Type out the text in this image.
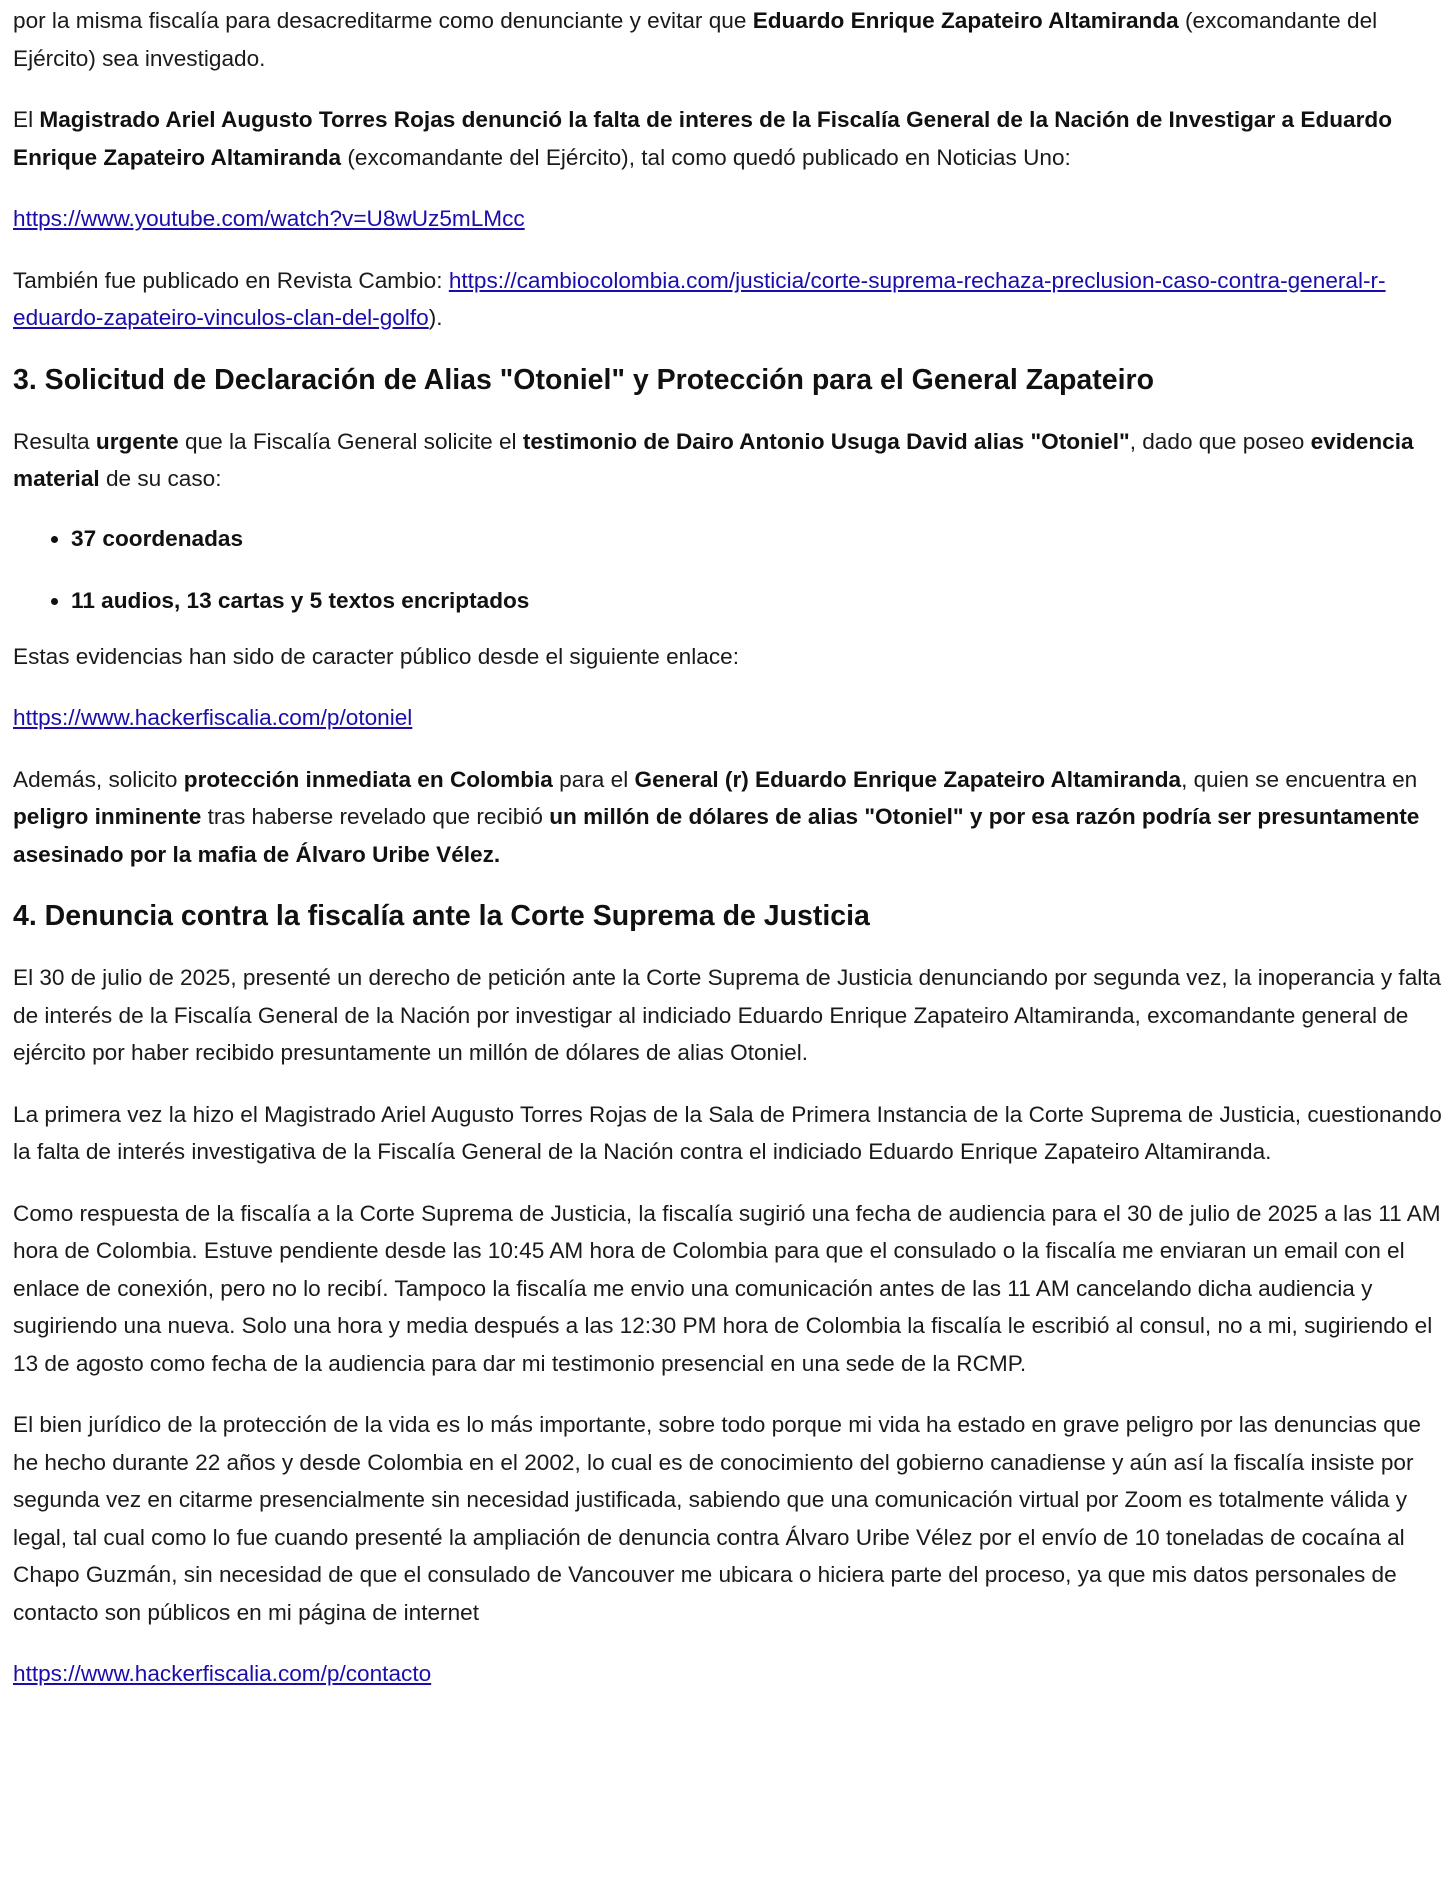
por la misma fiscalía para desacreditarme como denunciante y evitar que Eduardo Enrique Zapateiro Altamiranda (excomandante del Ejército) sea investigado.

El Magistrado Ariel Augusto Torres Rojas denunció la falta de interes de la Fiscalía General de la Nación de Investigar a Eduardo Enrique Zapateiro Altamiranda (excomandante del Ejército), tal como quedó publicado en Noticias Uno:

https://www.youtube.com/watch?v=U8wUz5mLMcc

También fue publicado en Revista Cambio: https://cambiocolombia.com/justicia/corte-suprema-rechaza-preclusion-caso-contra-general-r-eduardo-zapateiro-vinculos-clan-del-golfo).

3. Solicitud de Declaración de Alias "Otoniel" y Protección para el General Zapateiro

Resulta urgente que la Fiscalía General solicite el testimonio de Dairo Antonio Usuga David alias "Otoniel", dado que poseo evidencia material de su caso:

• 37 coordenadas
• 11 audios, 13 cartas y 5 textos encriptados

Estas evidencias han sido de caracter público desde el siguiente enlace:

https://www.hackerfiscalia.com/p/otoniel

Además, solicito protección inmediata en Colombia para el General (r) Eduardo Enrique Zapateiro Altamiranda, quien se encuentra en peligro inminente tras haberse revelado que recibió un millón de dólares de alias "Otoniel" y por esa razón podría ser presuntamente asesinado por la mafia de Álvaro Uribe Vélez.

4. Denuncia contra la fiscalía ante la Corte Suprema de Justicia

El 30 de julio de 2025, presenté un derecho de petición ante la Corte Suprema de Justicia denunciando por segunda vez, la inoperancia y falta de interés de la Fiscalía General de la Nación por investigar al indiciado Eduardo Enrique Zapateiro Altamiranda, excomandante general de ejército por haber recibido presuntamente un millón de dólares de alias Otoniel.

La primera vez la hizo el Magistrado Ariel Augusto Torres Rojas de la Sala de Primera Instancia de la Corte Suprema de Justicia, cuestionando la falta de interés investigativa de la Fiscalía General de la Nación contra el indiciado Eduardo Enrique Zapateiro Altamiranda.

Como respuesta de la fiscalía a la Corte Suprema de Justicia, la fiscalía sugirió una fecha de audiencia para el 30 de julio de 2025 a las 11 AM hora de Colombia. Estuve pendiente desde las 10:45 AM hora de Colombia para que el consulado o la fiscalía me enviaran un email con el enlace de conexión, pero no lo recibí. Tampoco la fiscalía me envio una comunicación antes de las 11 AM cancelando dicha audiencia y sugiriendo una nueva. Solo una hora y media después a las 12:30 PM hora de Colombia la fiscalía le escribió al consul, no a mi, sugiriendo el 13 de agosto como fecha de la audiencia para dar mi testimonio presencial en una sede de la RCMP.

El bien jurídico de la protección de la vida es lo más importante, sobre todo porque mi vida ha estado en grave peligro por las denuncias que he hecho durante 22 años y desde Colombia en el 2002, lo cual es de conocimiento del gobierno canadiense y aún así la fiscalía insiste por segunda vez en citarme presencialmente sin necesidad justificada, sabiendo que una comunicación virtual por Zoom es totalmente válida y legal, tal cual como lo fue cuando presenté la ampliación de denuncia contra Álvaro Uribe Vélez por el envío de 10 toneladas de cocaína al Chapo Guzmán, sin necesidad de que el consulado de Vancouver me ubicara o hiciera parte del proceso, ya que mis datos personales de contacto son públicos en mi página de internet

https://www.hackerfiscalia.com/p/contacto
